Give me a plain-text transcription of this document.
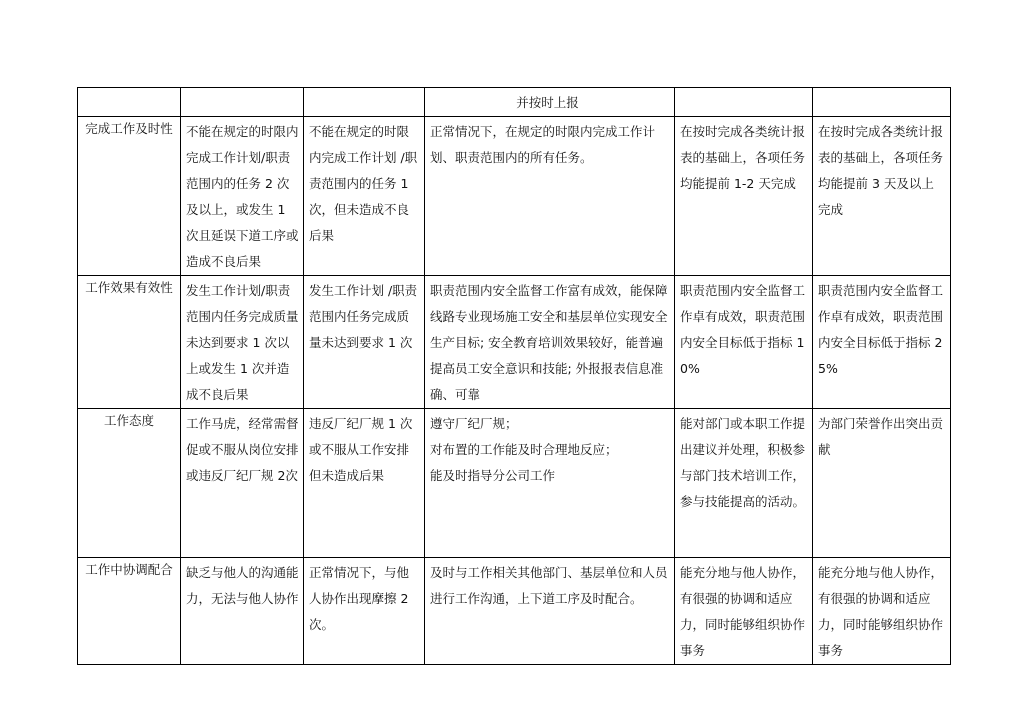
			并按时上报		
完成工作及时性	不能在规定的时限内完成工作计划/职责范围内的任务 2 次及以上，或发生 1 次且延误下道工序或造成不良后果	不能在规定的时限内完成工作计划 /职责范围内的任务 1次，但未造成不良后果	正常情况下，在规定的时限内完成工作计划、职责范围内的所有任务。	在按时完成各类统计报表的基础上，各项任务均能提前 1-2 天完成	在按时完成各类统计报表的基础上，各项任务均能提前 3 天及以上完成
工作效果有效性	发生工作计划/职责范围内任务完成质量未达到要求 1 次以上或发生 1 次并造成不良后果	发生工作计划 /职责范围内任务完成质量未达到要求 1 次	职责范围内安全监督工作富有成效，能保障线路专业现场施工安全和基层单位实现安全生产目标; 安全教育培训效果较好，能普遍提高员工安全意识和技能; 外报报表信息准确、可靠	职责范围内安全监督工作卓有成效，职责范围内安全目标低于指标 10%	职责范围内安全监督工作卓有成效，职责范围内安全目标低于指标 25%
工作态度	工作马虎，经常需督促或不服从岗位安排或违反厂纪厂规 2次	违反厂纪厂规 1 次或不服从工作安排但未造成后果	遵守厂纪厂规；
对布置的工作能及时合理地反应；
能及时指导分公司工作	能对部门或本职工作提出建议并处理，积极参与部门技术培训工作，参与技能提高的活动。	为部门荣誉作出突出贡献
工作中协调配合	缺乏与他人的沟通能力，无法与他人协作	正常情况下，与他人协作出现摩擦 2 次。	及时与工作相关其他部门、基层单位和人员进行工作沟通，上下道工序及时配合。	能充分地与他人协作，有很强的协调和适应力，同时能够组织协作事务	能充分地与他人协作，有很强的协调和适应力，同时能够组织协作事务
